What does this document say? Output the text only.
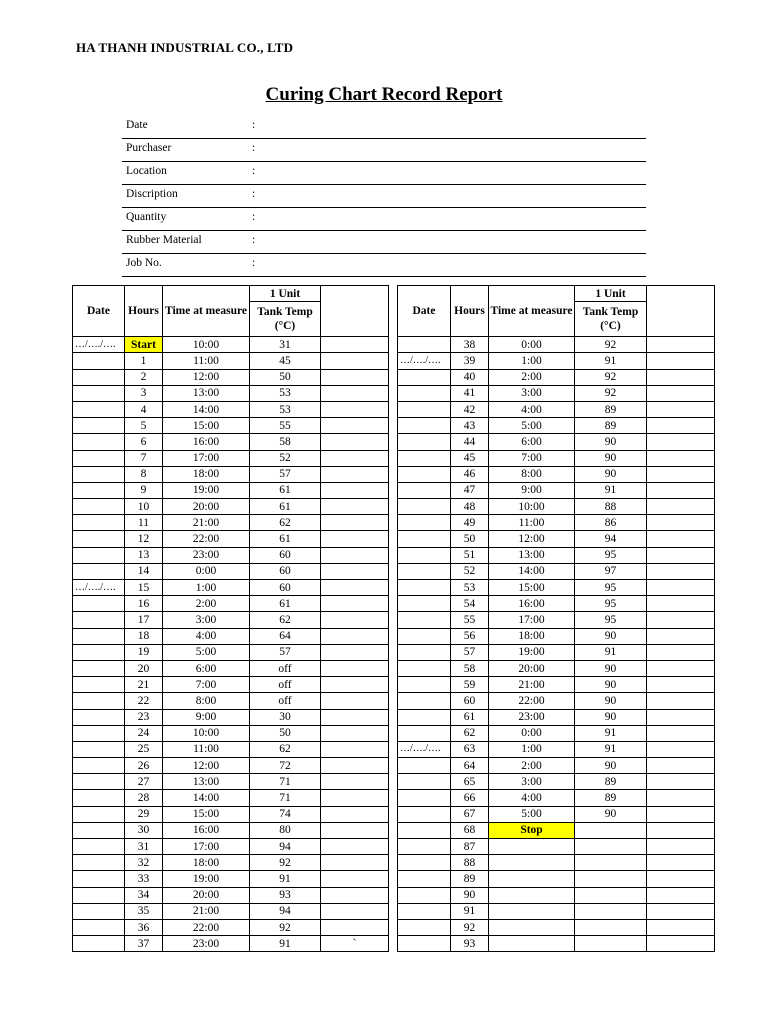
HA THANH INDUSTRIAL CO., LTD
Curing Chart Record Report
Date	:
Purchaser	:
Location	:
Discription	:
Quantity	:
Rubber Material	:
Job No.	:
Date	Hours	Time at measure	1 Unit	
			Tank Temp (°C)	
…/…./….	Start	10:00	31	
	1	11:00	45	
	2	12:00	50	
	3	13:00	53	
	4	14:00	53	
	5	15:00	55	
	6	16:00	58	
	7	17:00	52	
	8	18:00	57	
	9	19:00	61	
	10	20:00	61	
	11	21:00	62	
	12	22:00	61	
	13	23:00	60	
	14	0:00	60	
…/…./….	15	1:00	60	
	16	2:00	61	
	17	3:00	62	
	18	4:00	64	
	19	5:00	57	
	20	6:00	off	
	21	7:00	off	
	22	8:00	off	
	23	9:00	30	
	24	10:00	50	
	25	11:00	62	
	26	12:00	72	
	27	13:00	71	
	28	14:00	71	
	29	15:00	74	
	30	16:00	80	
	31	17:00	94	
	32	18:00	92	
	33	19:00	91	
	34	20:00	93	
	35	21:00	94	
	36	22:00	92	
	37	23:00	91	`
Date	Hours	Time at measure	1 Unit	
			Tank Temp (°C)	
	38	0:00	92	
…/…./….	39	1:00	91	
	40	2:00	92	
	41	3:00	92	
	42	4:00	89	
	43	5:00	89	
	44	6:00	90	
	45	7:00	90	
	46	8:00	90	
	47	9:00	91	
	48	10:00	88	
	49	11:00	86	
	50	12:00	94	
	51	13:00	95	
	52	14:00	97	
	53	15:00	95	
	54	16:00	95	
	55	17:00	95	
	56	18:00	90	
	57	19:00	91	
	58	20:00	90	
	59	21:00	90	
	60	22:00	90	
	61	23:00	90	
	62	0:00	91	
…/…./….	63	1:00	91	
	64	2:00	90	
	65	3:00	89	
	66	4:00	89	
	67	5:00	90	
	68	Stop		
	87			
	88			
	89			
	90			
	91			
	92			
	93			
